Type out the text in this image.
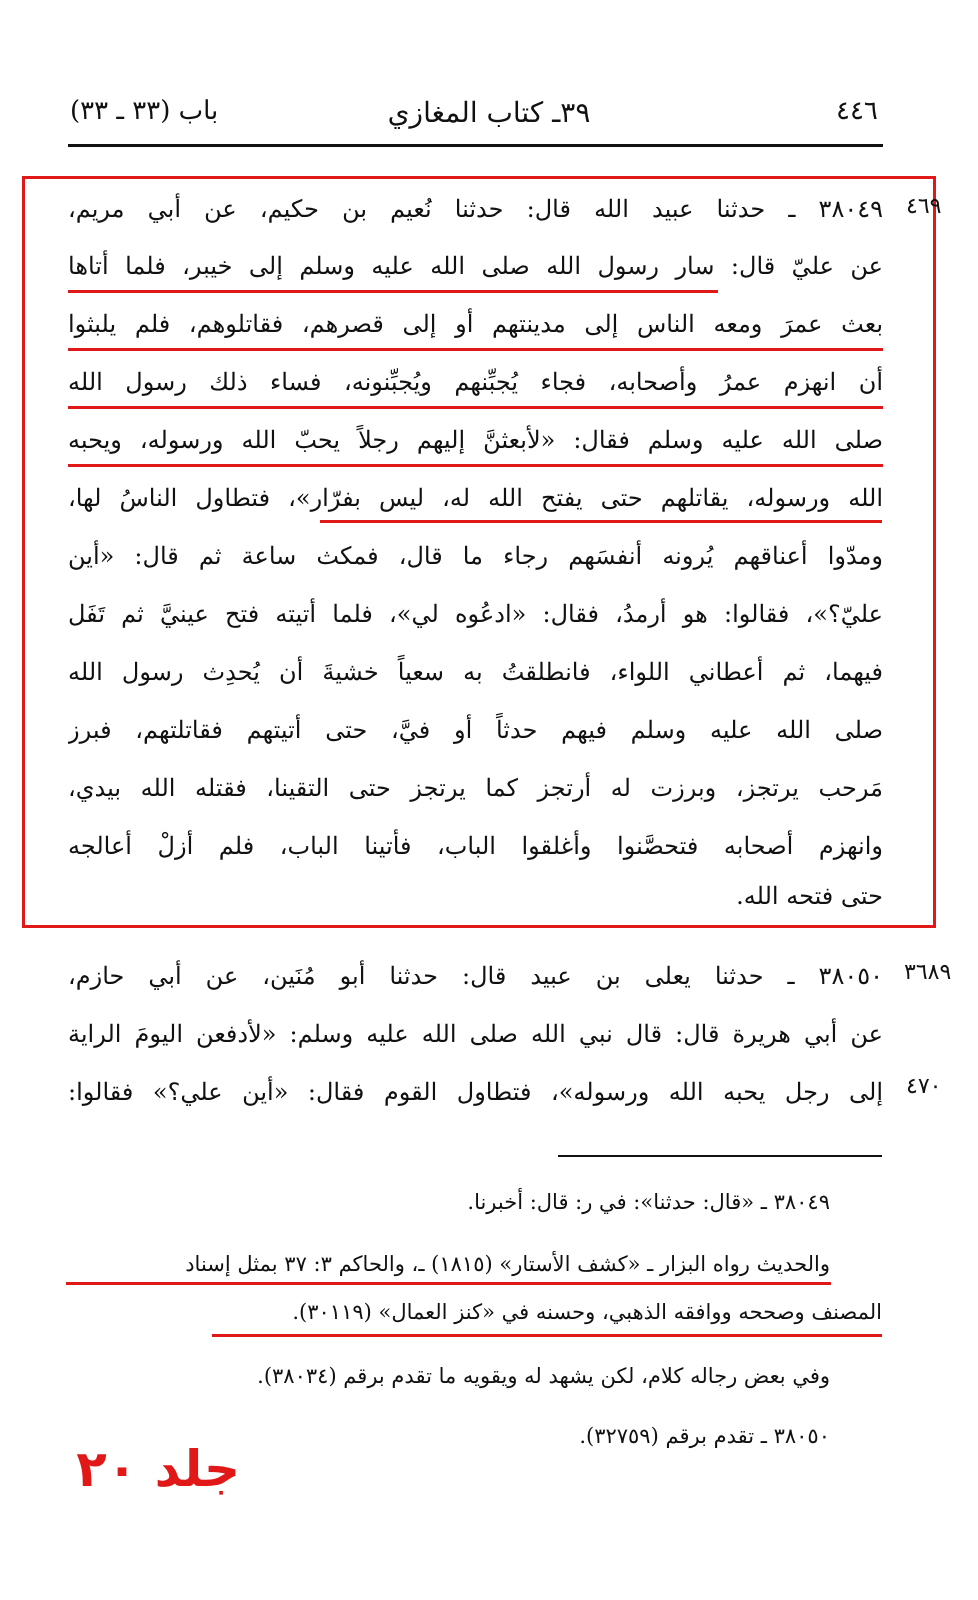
٤٤٦
٣٩ـ كتاب المغازي
باب (٣٣ ـ ٣٣)
٤٦٩
٣٦٨٩
٤٧٠
٣٨٠٤٩ ـ حدثنا عبيد الله قال: حدثنا نُعيم بن حكيم، عن أبي مريم،
عن عليّ قال: سار رسول الله صلى الله عليه وسلم إلى خيبر، فلما أتاها
بعث عمرَ ومعه الناس إلى مدينتهم أو إلى قصرهم، فقاتلوهم، فلم يلبثوا
أن انهزم عمرُ وأصحابه، فجاء يُجبِّنهم ويُجبِّنونه، فساء ذلك رسول الله
صلى الله عليه وسلم فقال: «لأبعثنَّ إليهم رجلاً يحبّ الله ورسوله، ويحبه
الله ورسوله، يقاتلهم حتى يفتح الله له، ليس بفرّار»، فتطاول الناسُ لها،
ومدّوا أعناقهم يُرونه أنفسَهم رجاء ما قال، فمكث ساعة ثم قال: «أين
عليّ؟»، فقالوا: هو أرمدُ، فقال: «ادعُوه لي»، فلما أتيته فتح عينيَّ ثم تَفَل
فيهما، ثم أعطاني اللواء، فانطلقتُ به سعياً خشيةَ أن يُحدِث رسول الله
صلى الله عليه وسلم فيهم حدثاً أو فيَّ، حتى أتيتهم فقاتلتهم، فبرز
مَرحب يرتجز، وبرزت له أرتجز كما يرتجز حتى التقينا، فقتله الله بيدي،
وانهزم أصحابه فتحصَّنوا وأغلقوا الباب، فأتينا الباب، فلم أزلْ أعالجه
حتى فتحه الله.
٣٨٠٥٠ ـ حدثنا يعلى بن عبيد قال: حدثنا أبو مُنَين، عن أبي حازم،
عن أبي هريرة قال: قال نبي الله صلى الله عليه وسلم: «لأدفعن اليومَ الراية
إلى رجل يحبه الله ورسوله»، فتطاول القوم فقال: «أين علي؟» فقالوا:
٣٨٠٤٩ ـ «قال: حدثنا»: في ر: قال: أخبرنا.
والحديث رواه البزار ـ «كشف الأستار» (١٨١٥) ـ، والحاكم ٣: ٣٧ بمثل إسناد
المصنف وصححه ووافقه الذهبي، وحسنه في «كنز العمال» (٣٠١١٩).
وفي بعض رجاله كلام، لكن يشهد له ويقويه ما تقدم برقم (٣٨٠٣٤).
٣٨٠٥٠ ـ تقدم برقم (٣٢٧٥٩).
جلد ٢٠
